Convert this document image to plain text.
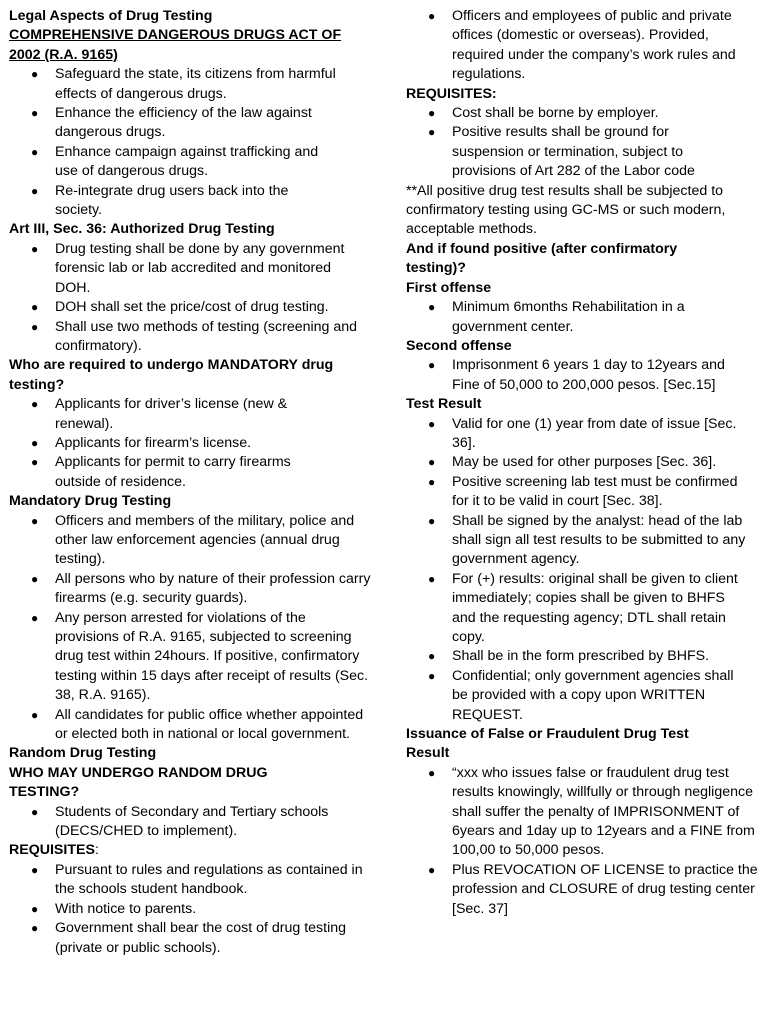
Legal Aspects of Drug Testing

COMPREHENSIVE DANGEROUS DRUGS ACT OF

2002 (R.A. 9165)

● Safeguard the state, its citizens from harmful effects of dangerous drugs.
● Enhance the efficiency of the law against dangerous drugs.
● Enhance campaign against trafficking and use of dangerous drugs.
● Re-integrate drug users back into the society.

Art III, Sec. 36: Authorized Drug Testing

● Drug testing shall be done by any government forensic lab or lab accredited and monitored DOH.
● DOH shall set the price/cost of drug testing.
● Shall use two methods of testing (screening and confirmatory).

Who are required to undergo MANDATORY drug testing?

● Applicants for driver’s license (new & renewal).
● Applicants for firearm’s license.
● Applicants for permit to carry firearms outside of residence.

Mandatory Drug Testing

● Officers and members of the military, police and other law enforcement agencies (annual drug testing).
● All persons who by nature of their profession carry firearms (e.g. security guards).
● Any person arrested for violations of the provisions of R.A. 9165, subjected to screening drug test within 24hours. If positive, confirmatory testing within 15 days after receipt of results (Sec. 38, R.A. 9165).
● All candidates for public office whether appointed or elected both in national or local government.

Random Drug Testing

WHO MAY UNDERGO RANDOM DRUG TESTING?

● Students of Secondary and Tertiary schools (DECS/CHED to implement).

REQUISITES:

● Pursuant to rules and regulations as contained in the schools student handbook.
● With notice to parents.
● Government shall bear the cost of drug testing (private or public schools).
● Officers and employees of public and private offices (domestic or overseas). Provided, required under the company’s work rules and regulations.

REQUISITES:

● Cost shall be borne by employer.
● Positive results shall be ground for suspension or termination, subject to provisions of Art 282 of the Labor code

**All positive drug test results shall be subjected to confirmatory testing using GC-MS or such modern, acceptable methods.

And if found positive (after confirmatory testing)?

First offense

● Minimum 6months Rehabilitation in a government center.

Second offense

● Imprisonment 6 years 1 day to 12years and Fine of 50,000 to 200,000 pesos. [Sec.15]

Test Result

● Valid for one (1) year from date of issue [Sec. 36].
● May be used for other purposes [Sec. 36].
● Positive screening lab test must be confirmed for it to be valid in court [Sec. 38].
● Shall be signed by the analyst: head of the lab shall sign all test results to be submitted to any government agency.
● For (+) results: original shall be given to client immediately; copies shall be given to BHFS and the requesting agency; DTL shall retain copy.
● Shall be in the form prescribed by BHFS.
● Confidential; only government agencies shall be provided with a copy upon WRITTEN REQUEST.

Issuance of False or Fraudulent Drug Test Result

● “xxx who issues false or fraudulent drug test results knowingly, willfully or through negligence shall suffer the penalty of IMPRISONMENT of 6years and 1day up to 12years and a FINE from 100,00 to 50,000 pesos.
● Plus REVOCATION OF LICENSE to practice the profession and CLOSURE of drug testing center [Sec. 37]
